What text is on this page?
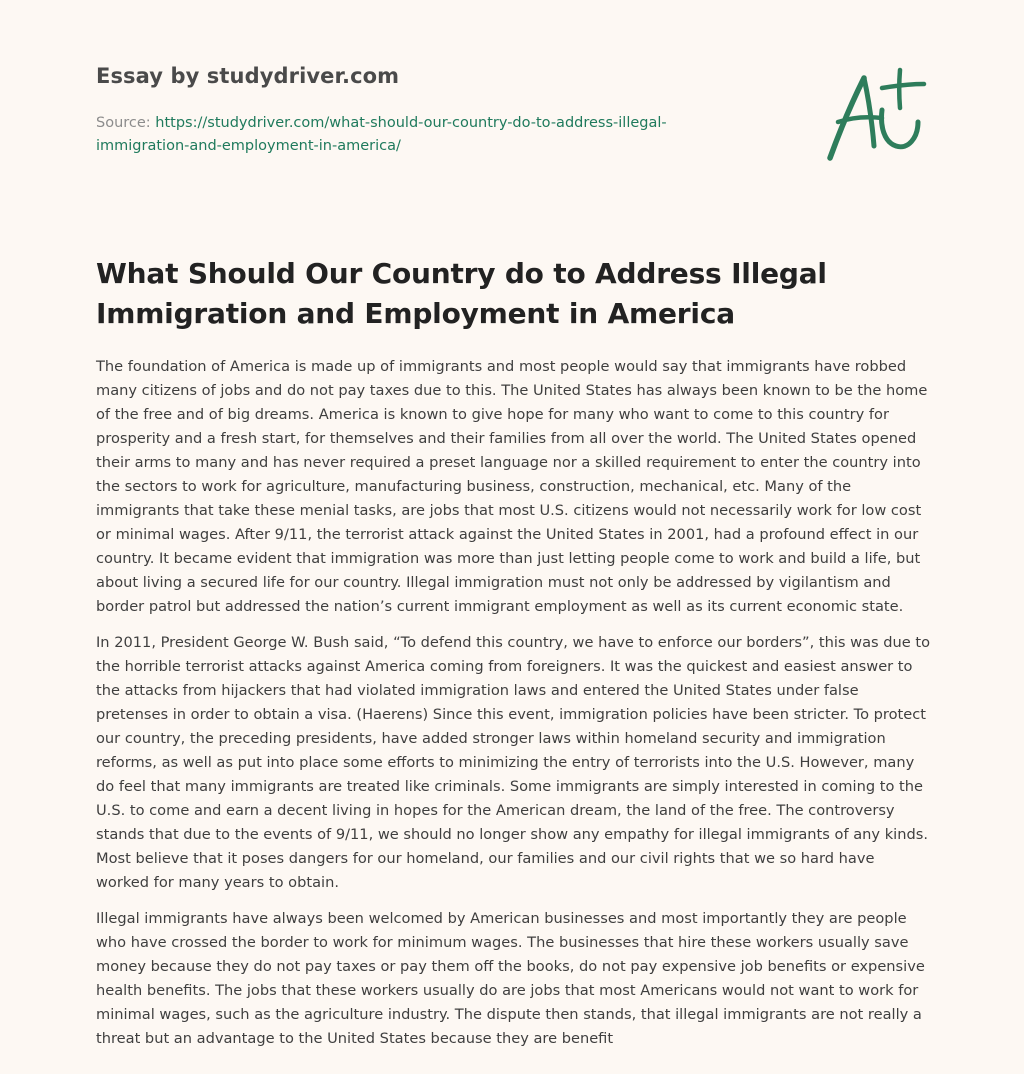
Essay by studydriver.com
Source: https://studydriver.com/what-should-our-country-do-to-address-illegal-immigration-and-employment-in-america/
What Should Our Country do to Address Illegal Immigration and Employment in America

The foundation of America is made up of immigrants and most people would say that immigrants have robbed many citizens of jobs and do not pay taxes due to this. The United States has always been known to be the home of the free and of big dreams. America is known to give hope for many who want to come to this country for prosperity and a fresh start, for themselves and their families from all over the world. The United States opened their arms to many and has never required a preset language nor a skilled requirement to enter the country into the sectors to work for agriculture, manufacturing business, construction, mechanical, etc. Many of the immigrants that take these menial tasks, are jobs that most U.S. citizens would not necessarily work for low cost or minimal wages. After 9/11, the terrorist attack against the United States in 2001, had a profound effect in our country. It became evident that immigration was more than just letting people come to work and build a life, but about living a secured life for our country. Illegal immigration must not only be addressed by vigilantism and border patrol but addressed the nation’s current immigrant employment as well as its current economic state.

In 2011, President George W. Bush said, “To defend this country, we have to enforce our borders”, this was due to the horrible terrorist attacks against America coming from foreigners. It was the quickest and easiest answer to the attacks from hijackers that had violated immigration laws and entered the United States under false pretenses in order to obtain a visa. (Haerens) Since this event, immigration policies have been stricter. To protect our country, the preceding presidents, have added stronger laws within homeland security and immigration reforms, as well as put into place some efforts to minimizing the entry of terrorists into the U.S. However, many do feel that many immigrants are treated like criminals. Some immigrants are simply interested in coming to the U.S. to come and earn a decent living in hopes for the American dream, the land of the free. The controversy stands that due to the events of 9/11, we should no longer show any empathy for illegal immigrants of any kinds. Most believe that it poses dangers for our homeland, our families and our civil rights that we so hard have worked for many years to obtain.

Illegal immigrants have always been welcomed by American businesses and most importantly they are people who have crossed the border to work for minimum wages. The businesses that hire these workers usually save money because they do not pay taxes or pay them off the books, do not pay expensive job benefits or expensive health benefits. The jobs that these workers usually do are jobs that most Americans would not want to work for minimal wages, such as the agriculture industry. The dispute then stands, that illegal immigrants are not really a threat but an advantage to the United States because they are benefit
